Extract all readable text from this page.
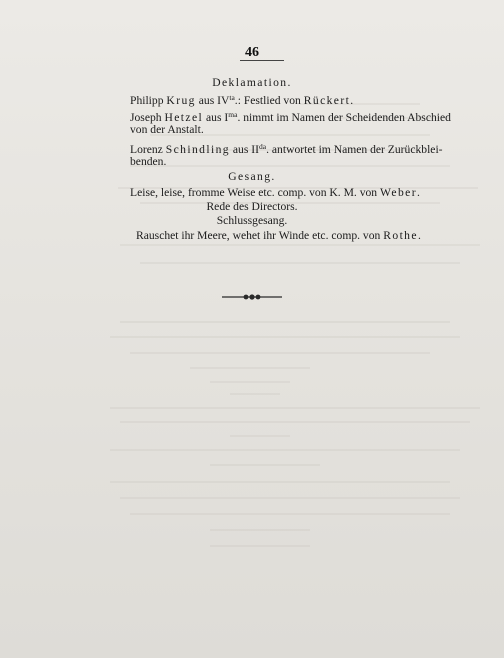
46
Deklamation.
Philipp Krug aus $IV^{ta}$.: Festlied von Rückert.
Joseph Hetzel aus $I^{ma}$. nimmt im Namen der Scheidenden Abschied
von der Anstalt.
Lorenz Schindling aus $II^{da}$. antwortet im Namen der Zurückblei-
benden.
Gesang.
Leise, leise, fromme Weise etc. comp. von K. M. von Weber.
Rede des Directors.
Schlussgesang.
Rauschet ihr Meere, wehet ihr Winde etc. comp. von Rothe.
